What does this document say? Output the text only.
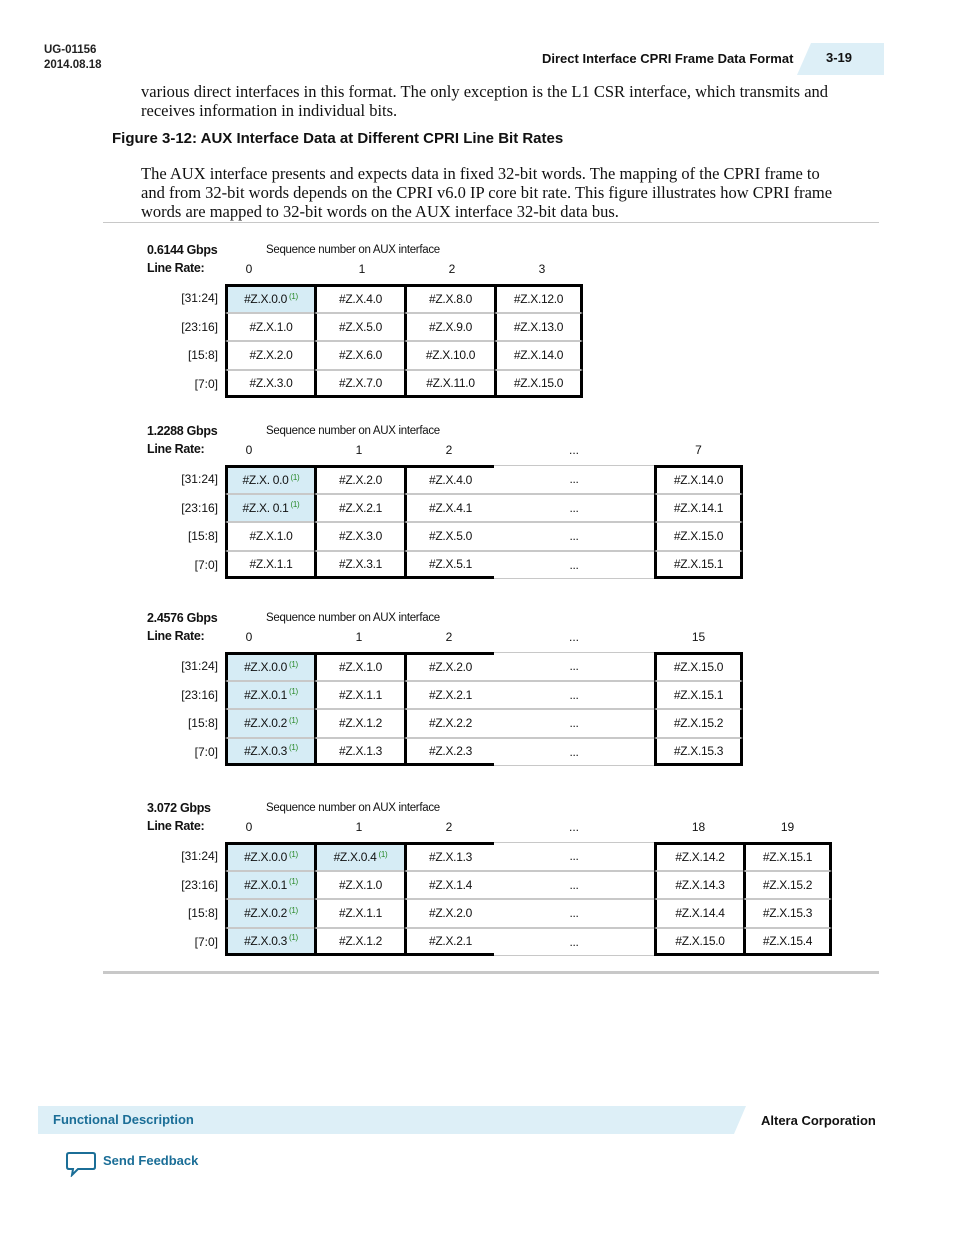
UG-01156
2014.08.18	Direct Interface CPRI Frame Data Format	3-19
various direct interfaces in this format. The only exception is the L1 CSR interface, which transmits and
receives information in individual bits.
Figure 3-12: AUX Interface Data at Different CPRI Line Bit Rates
The AUX interface presents and expects data in fixed 32-bit words. The mapping of the CPRI frame to
and from 32-bit words depends on the CPRI v6.0 IP core bit rate. This figure illustrates how CPRI frame
words are mapped to 32-bit words on the AUX interface 32-bit data bus.
0.6144 Gbps
Line Rate:
Sequence number on AUX interface
0	1	2	3
[31:24] #Z.X.0.0 $^{(1)}$	#Z.X.4.0	#Z.X.8.0	#Z.X.12.0
[23:16]	#Z.X.1.0	#Z.X.5.0	#Z.X.9.0	#Z.X.13.0
[15:8]	#Z.X.2.0	#Z.X.6.0	#Z.X.10.0	#Z.X.14.0
[7:0]	#Z.X.3.0	#Z.X.7.0	#Z.X.11.0	#Z.X.15.0
1.2288 Gbps
Line Rate:
Sequence number on AUX interface
0	1	2	...	7
[31:24] #Z.X. 0.0 $^{(1)}$	#Z.X.2.0	#Z.X.4.0	...	#Z.X.14.0
[23:16] #Z.X. 0.1 $^{(1)}$	#Z.X.2.1	#Z.X.4.1	...	#Z.X.14.1
[15:8]	#Z.X.1.0	#Z.X.3.0	#Z.X.5.0	...	#Z.X.15.0
[7:0]	#Z.X.1.1	#Z.X.3.1	#Z.X.5.1	...	#Z.X.15.1
2.4576 Gbps
Line Rate:
Sequence number on AUX interface
0	1	2	...	15
[31:24] #Z.X.0.0 $^{(1)}$	#Z.X.1.0	#Z.X.2.0	...	#Z.X.15.0
[23:16] #Z.X.0.1 $^{(1)}$	#Z.X.1.1	#Z.X.2.1	...	#Z.X.15.1
[15:8] #Z.X.0.2 $^{(1)}$	#Z.X.1.2	#Z.X.2.2	...	#Z.X.15.2
[7:0] #Z.X.0.3 $^{(1)}$	#Z.X.1.3	#Z.X.2.3	...	#Z.X.15.3
3.072 Gbps
Line Rate:
Sequence number on AUX interface
0	1	2	...	18	19
[31:24] #Z.X.0.0 $^{(1)}$	#Z.X.0.4 $^{(1)}$	#Z.X.1.3	...	#Z.X.14.2	#Z.X.15.1
[23:16] #Z.X.0.1 $^{(1)}$	#Z.X.1.0	#Z.X.1.4	...	#Z.X.14.3	#Z.X.15.2
[15:8] #Z.X.0.2 $^{(1)}$	#Z.X.1.1	#Z.X.2.0	...	#Z.X.14.4	#Z.X.15.3
[7:0] #Z.X.0.3 $^{(1)}$	#Z.X.1.2	#Z.X.2.1	...	#Z.X.15.0	#Z.X.15.4
Functional Description	Altera Corporation
Send Feedback
